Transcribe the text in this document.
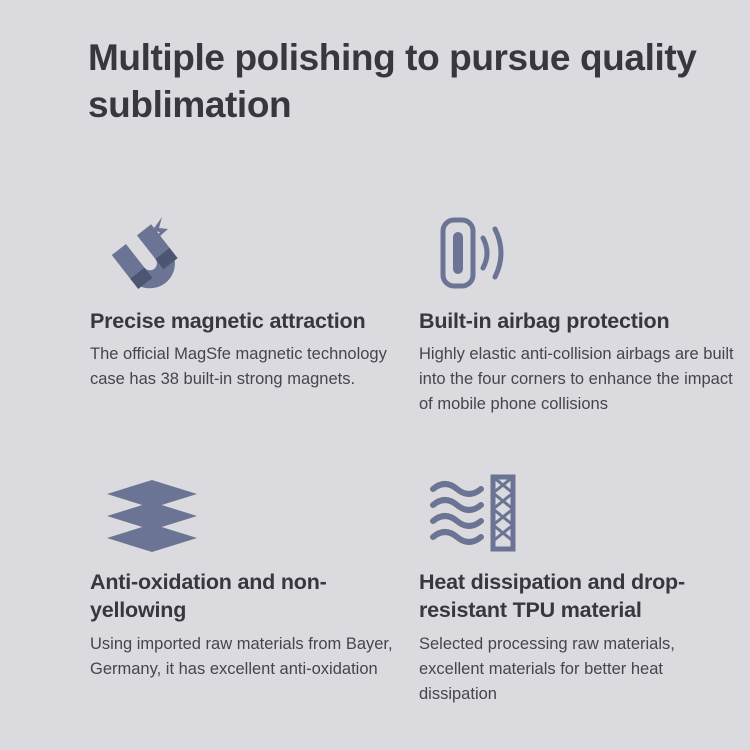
Multiple polishing to pursue quality sublimation
Precise magnetic attraction

The official MagSfe magnetic technology case has 38 built-in strong magnets.

Built-in airbag protection

Highly elastic anti-collision airbags are built into the four corners to enhance the impact of mobile phone collisions

Anti-oxidation and non-yellowing

Using imported raw materials from Bayer, Germany, it has excellent anti-oxidation

Heat dissipation and drop-resistant TPU material

Selected processing raw materials, excellent materials for better heat dissipation
